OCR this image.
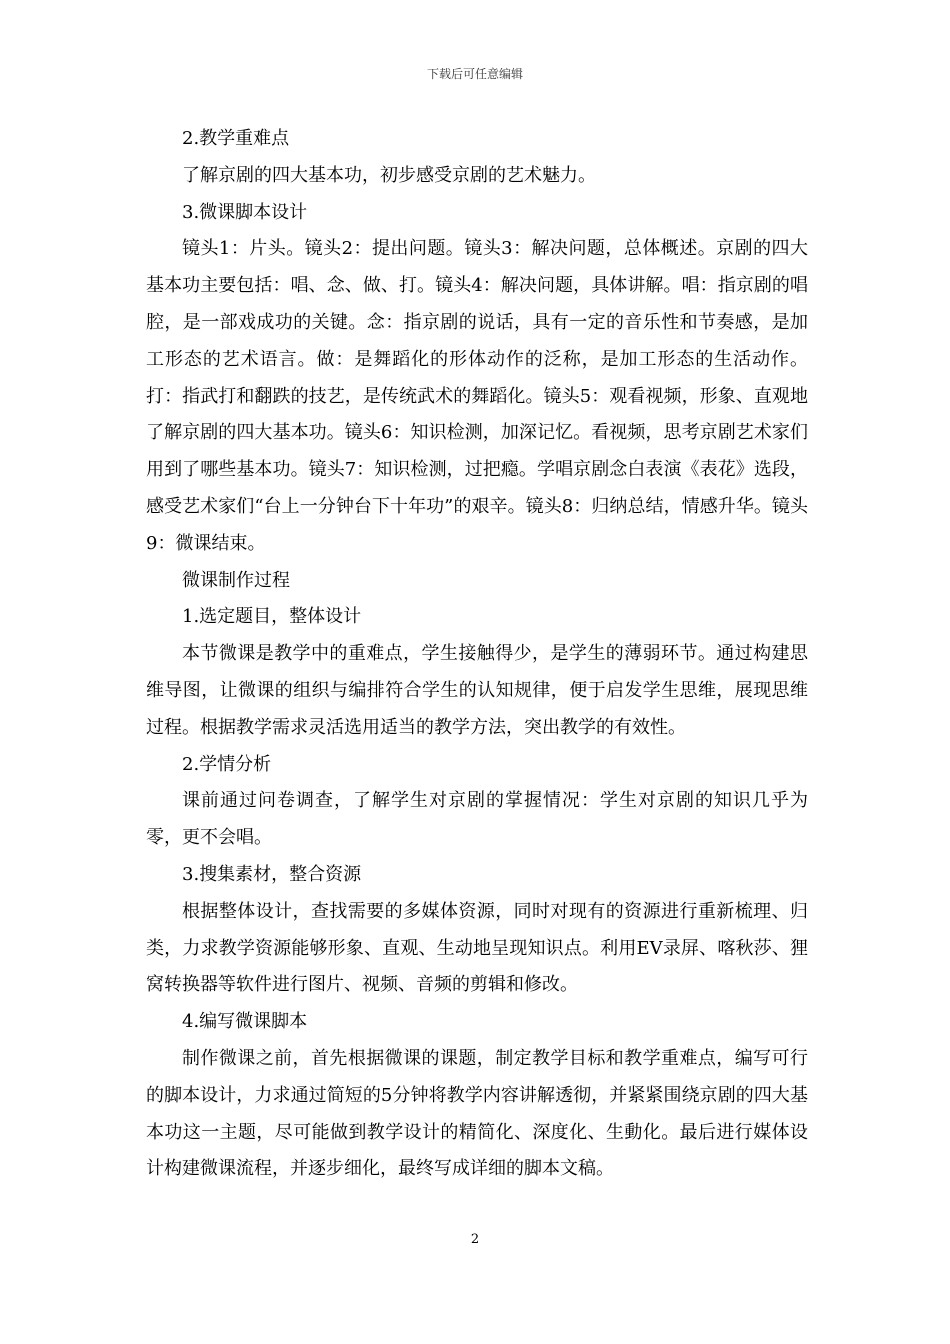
下载后可任意编辑

2.教学重难点

了解京剧的四大基本功，初步感受京剧的艺术魅力。

3.微课脚本设计

镜头1：片头。镜头2：提出问题。镜头3：解决问题，总体概述。京剧的四大基本功主要包括：唱、念、做、打。镜头4：解决问题，具体讲解。唱：指京剧的唱腔，是一部戏成功的关键。念：指京剧的说话，具有一定的音乐性和节奏感，是加工形态的艺术语言。做：是舞蹈化的形体动作的泛称，是加工形态的生活动作。打：指武打和翻跌的技艺，是传统武术的舞蹈化。镜头5：观看视频，形象、直观地了解京剧的四大基本功。镜头6：知识检测，加深记忆。看视频，思考京剧艺术家们用到了哪些基本功。镜头7：知识检测，过把瘾。学唱京剧念白表演《表花》选段，感受艺术家们“台上一分钟台下十年功”的艰辛。镜头8：归纳总结，情感升华。镜头9：微课结束。

微课制作过程

1.选定题目，整体设计

本节微课是教学中的重难点，学生接触得少，是学生的薄弱环节。通过构建思维导图，让微课的组织与编排符合学生的认知规律，便于启发学生思维，展现思维过程。根据教学需求灵活选用适当的教学方法，突出教学的有效性。

2.学情分析

课前通过问卷调查，了解学生对京剧的掌握情况：学生对京剧的知识几乎为零，更不会唱。

3.搜集素材，整合资源

根据整体设计，查找需要的多媒体资源，同时对现有的资源进行重新梳理、归类，力求教学资源能够形象、直观、生动地呈现知识点。利用EV录屏、喀秋莎、狸窝转换器等软件进行图片、视频、音频的剪辑和修改。

4.编写微课脚本

制作微课之前，首先根据微课的课题，制定教学目标和教学重难点，编写可行的脚本设计，力求通过简短的5分钟将教学内容讲解透彻，并紧紧围绕京剧的四大基本功这一主题，尽可能做到教学设计的精简化、深度化、生動化。最后进行媒体设计构建微课流程，并逐步细化，最终写成详细的脚本文稿。

2
